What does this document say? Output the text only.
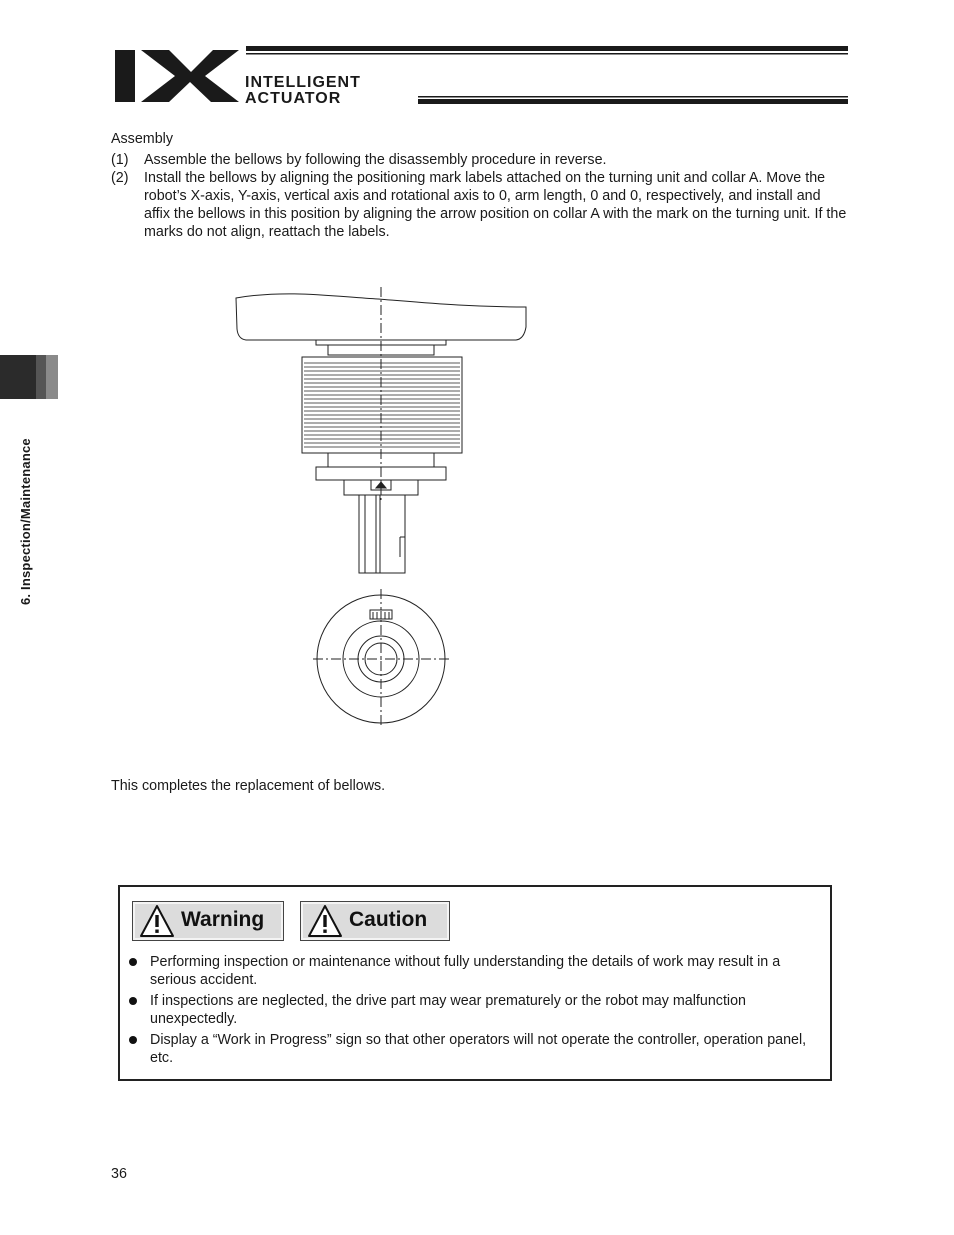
INTELLIGENT
ACTUATOR
6. Inspection/Maintenance
Assembly
(1) Assemble the bellows by following the disassembly procedure in reverse.
(2) Install the bellows by aligning the positioning mark labels attached on the turning unit and collar A. Move the robot’s X-axis, Y-axis, vertical axis and rotational axis to 0, arm length, 0 and 0, respectively, and install and affix the bellows in this position by aligning the arrow position on collar A with the mark on the turning unit. If the marks do not align, reattach the labels.
This completes the replacement of bellows.
Warning	Caution
Performing inspection or maintenance without fully understanding the details of work may result in a serious accident.
If inspections are neglected, the drive part may wear prematurely or the robot may malfunction unexpectedly.
Display a “Work in Progress” sign so that other operators will not operate the controller, operation panel, etc.
36
